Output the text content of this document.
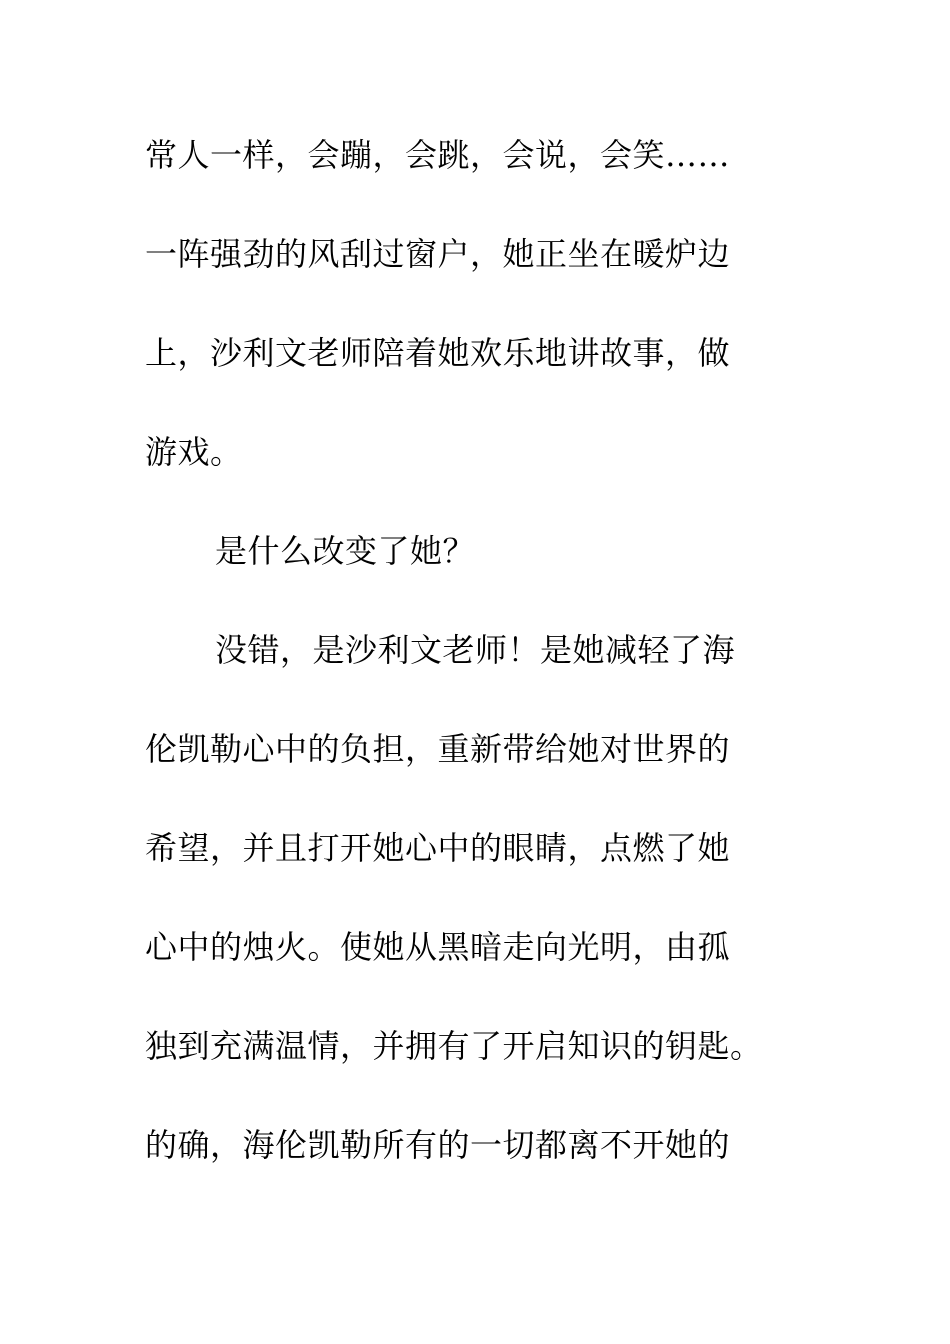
常人一样，会蹦，会跳，会说，会笑……
一阵强劲的风刮过窗户，她正坐在暖炉边
上，沙利文老师陪着她欢乐地讲故事，做
游戏。
是什么改变了她？
没错，是沙利文老师！是她减轻了海
伦凯勒心中的负担，重新带给她对世界的
希望，并且打开她心中的眼睛，点燃了她
心中的烛火。使她从黑暗走向光明，由孤
独到充满温情，并拥有了开启知识的钥匙。
的确，海伦凯勒所有的一切都离不开她的
